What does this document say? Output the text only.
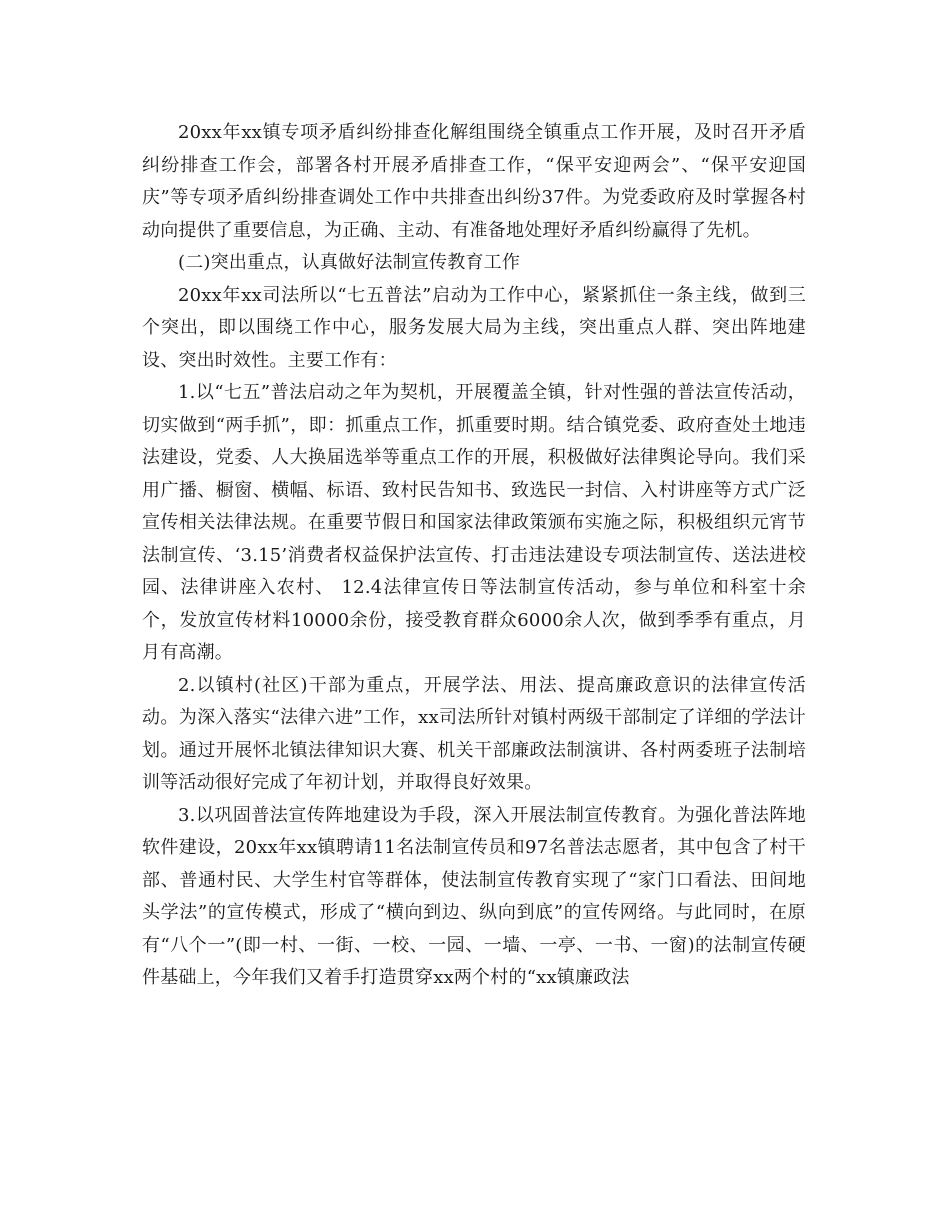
20xx年xx镇专项矛盾纠纷排查化解组围绕全镇重点工作开展，及时召开矛盾纠纷排查工作会，部署各村开展矛盾排查工作，“保平安迎两会”、“保平安迎国庆”等专项矛盾纠纷排查调处工作中共排查出纠纷37件。为党委政府及时掌握各村动向提供了重要信息，为正确、主动、有准备地处理好矛盾纠纷赢得了先机。

(二)突出重点，认真做好法制宣传教育工作

20xx年xx司法所以“七五普法”启动为工作中心，紧紧抓住一条主线，做到三个突出，即以围绕工作中心，服务发展大局为主线，突出重点人群、突出阵地建设、突出时效性。主要工作有：

1.以“七五”普法启动之年为契机，开展覆盖全镇，针对性强的普法宣传活动，切实做到“两手抓”，即：抓重点工作，抓重要时期。结合镇党委、政府查处土地违法建设，党委、人大换届选举等重点工作的开展，积极做好法律舆论导向。我们采用广播、橱窗、横幅、标语、致村民告知书、致选民一封信、入村讲座等方式广泛宣传相关法律法规。在重要节假日和国家法律政策颁布实施之际，积极组织元宵节法制宣传、‘3.15’消费者权益保护法宣传、打击违法建设专项法制宣传、送法进校园、法律讲座入农村、 12.4法律宣传日等法制宣传活动，参与单位和科室十余个，发放宣传材料10000余份，接受教育群众6000余人次，做到季季有重点，月月有高潮。

2.以镇村(社区)干部为重点，开展学法、用法、提高廉政意识的法律宣传活动。为深入落实“法律六进”工作，xx司法所针对镇村两级干部制定了详细的学法计划。通过开展怀北镇法律知识大赛、机关干部廉政法制演讲、各村两委班子法制培训等活动很好完成了年初计划，并取得良好效果。

3.以巩固普法宣传阵地建设为手段，深入开展法制宣传教育。为强化普法阵地软件建设，20xx年xx镇聘请11名法制宣传员和97名普法志愿者，其中包含了村干部、普通村民、大学生村官等群体，使法制宣传教育实现了“家门口看法、田间地头学法”的宣传模式，形成了“横向到边、纵向到底”的宣传网络。与此同时，在原有“八个一”(即一村、一街、一校、一园、一墙、一亭、一书、一窗)的法制宣传硬件基础上，今年我们又着手打造贯穿xx两个村的“xx镇廉政法
